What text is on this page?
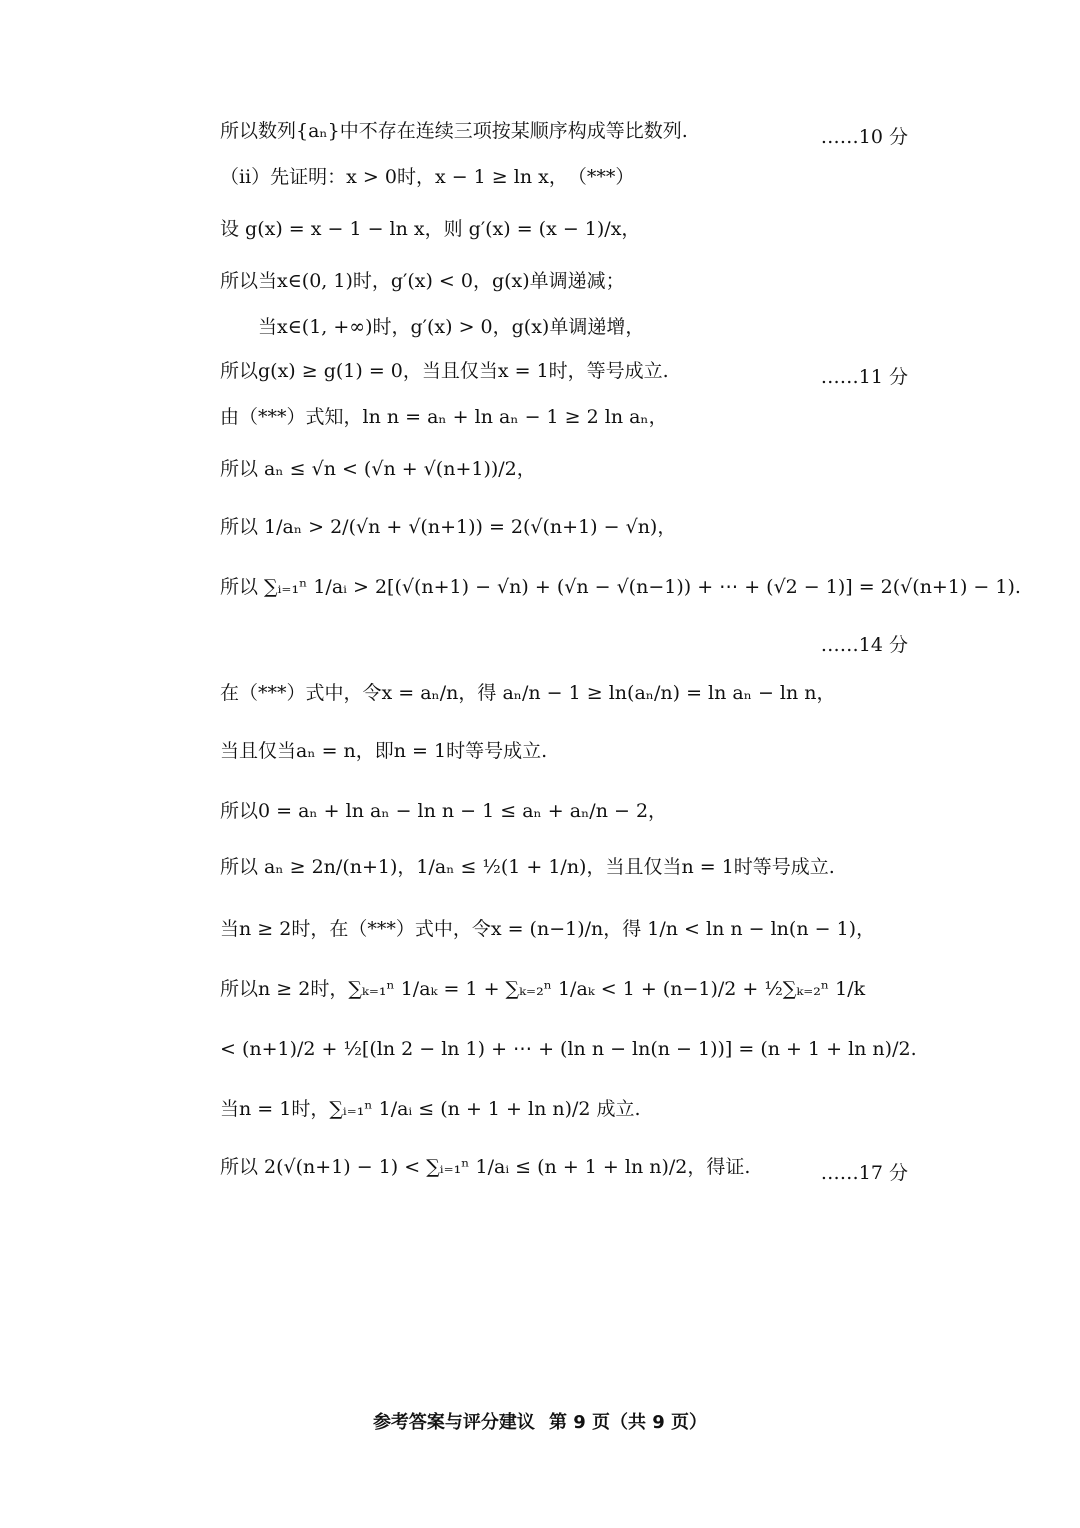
所以数列{aₙ}中不存在连续三项按某顺序构成等比数列.	……10 分
（ⅱ）先证明：x > 0时，x − 1 ≥ ln x，　（***）
设 g(x) = x − 1 − ln x，则 g′(x) = (x − 1)/x，
所以当x∈(0, 1)时，g′(x) < 0，g(x)单调递减；
当x∈(1, +∞)时，g′(x) > 0，g(x)单调递增，
所以g(x) ≥ g(1) = 0，当且仅当x = 1时，等号成立.	……11 分
由（***）式知，ln n = aₙ + ln aₙ − 1 ≥ 2 ln aₙ，
所以 aₙ ≤ √n < (√n + √(n+1))/2，
所以 1/aₙ > 2/(√n + √(n+1)) = 2(√(n+1) − √n)，
所以 ∑ᵢ₌₁ⁿ 1/aᵢ > 2[(√(n+1) − √n) + (√n − √(n−1)) + ⋯ + (√2 − 1)] = 2(√(n+1) − 1).
……14 分
在（***）式中，令x = aₙ/n，得 aₙ/n − 1 ≥ ln(aₙ/n) = ln aₙ − ln n，
当且仅当aₙ = n，即n = 1时等号成立.
所以0 = aₙ + ln aₙ − ln n − 1 ≤ aₙ + aₙ/n − 2，
所以 aₙ ≥ 2n/(n+1)，1/aₙ ≤ ½(1 + 1/n)，当且仅当n = 1时等号成立.
当n ≥ 2时，在（***）式中，令x = (n−1)/n，得 1/n < ln n − ln(n − 1)，
所以n ≥ 2时，∑ₖ₌₁ⁿ 1/aₖ = 1 + ∑ₖ₌₂ⁿ 1/aₖ < 1 + (n−1)/2 + ½∑ₖ₌₂ⁿ 1/k
< (n+1)/2 + ½[(ln 2 − ln 1) + ⋯ + (ln n − ln(n − 1))] = (n + 1 + ln n)/2.
当n = 1时，∑ᵢ₌₁ⁿ 1/aᵢ ≤ (n + 1 + ln n)/2 成立.
所以 2(√(n+1) − 1) < ∑ᵢ₌₁ⁿ 1/aᵢ ≤ (n + 1 + ln n)/2，得证.	……17 分
参考答案与评分建议 第 9 页（共 9 页）
